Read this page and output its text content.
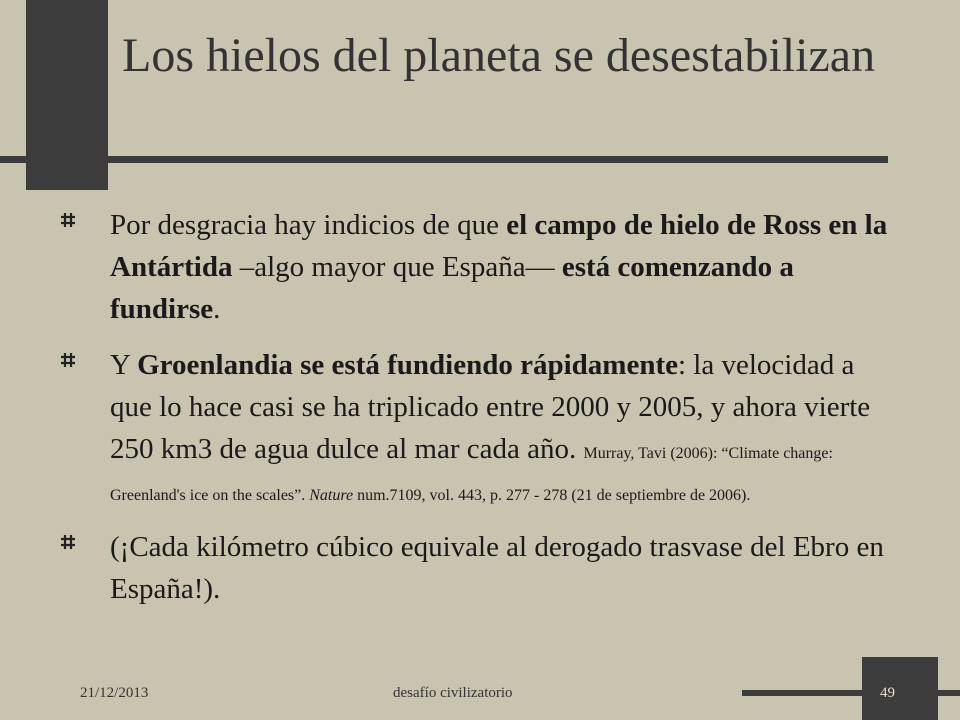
Los hielos del planeta se desestabilizan
Por desgracia hay indicios de que el campo de hielo de Ross en la Antártida –algo mayor que España— está comenzando a fundirse.
Y Groenlandia se está fundiendo rápidamente: la velocidad a que lo hace casi se ha triplicado entre 2000 y 2005, y ahora vierte 250 km3 de agua dulce al mar cada año. Murray, Tavi (2006): “Climate change: Greenland's ice on the scales”. Nature num.7109, vol. 443, p. 277 - 278 (21 de septiembre de 2006).
(¡Cada kilómetro cúbico equivale al derogado trasvase del Ebro en España!).
21/12/2013	desafío civilizatorio	49
